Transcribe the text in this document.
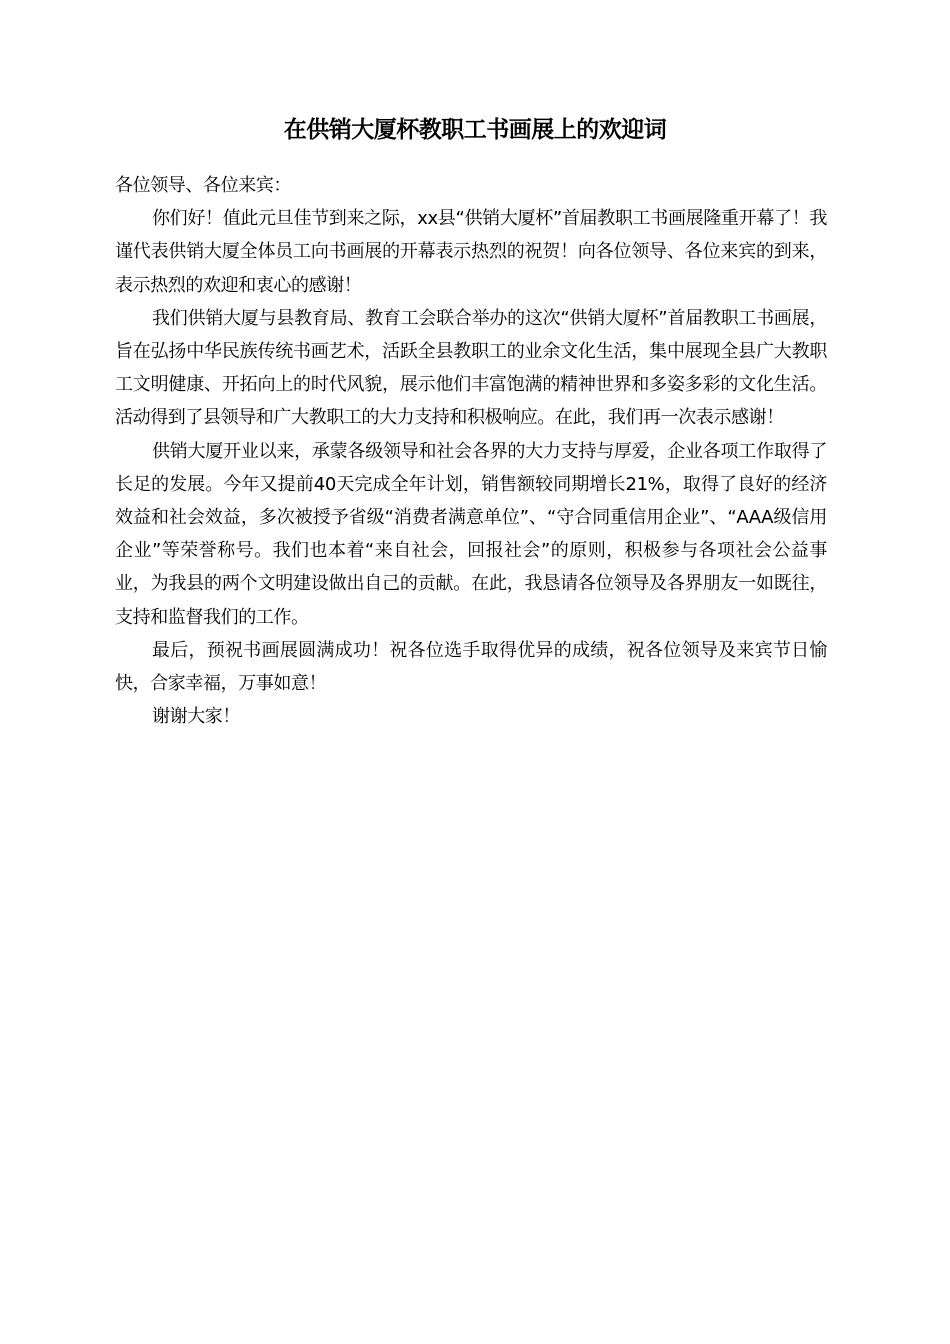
在供销大厦杯教职工书画展上的欢迎词

各位领导、各位来宾：

你们好！值此元旦佳节到来之际，xx县“供销大厦杯”首届教职工书画展隆重开幕了！我谨代表供销大厦全体员工向书画展的开幕表示热烈的祝贺！向各位领导、各位来宾的到来，表示热烈的欢迎和衷心的感谢！

我们供销大厦与县教育局、教育工会联合举办的这次“供销大厦杯”首届教职工书画展，旨在弘扬中华民族传统书画艺术，活跃全县教职工的业余文化生活，集中展现全县广大教职工文明健康、开拓向上的时代风貌，展示他们丰富饱满的精神世界和多姿多彩的文化生活。活动得到了县领导和广大教职工的大力支持和积极响应。在此，我们再一次表示感谢！

供销大厦开业以来，承蒙各级领导和社会各界的大力支持与厚爱，企业各项工作取得了长足的发展。今年又提前40天完成全年计划，销售额较同期增长21%，取得了良好的经济效益和社会效益，多次被授予省级“消费者满意单位”、“守合同重信用企业”、“AAA级信用企业”等荣誉称号。我们也本着“来自社会，回报社会”的原则，积极参与各项社会公益事业，为我县的两个文明建设做出自己的贡献。在此，我恳请各位领导及各界朋友一如既往，支持和监督我们的工作。

最后，预祝书画展圆满成功！祝各位选手取得优异的成绩，祝各位领导及来宾节日愉快，合家幸福，万事如意！

谢谢大家！
